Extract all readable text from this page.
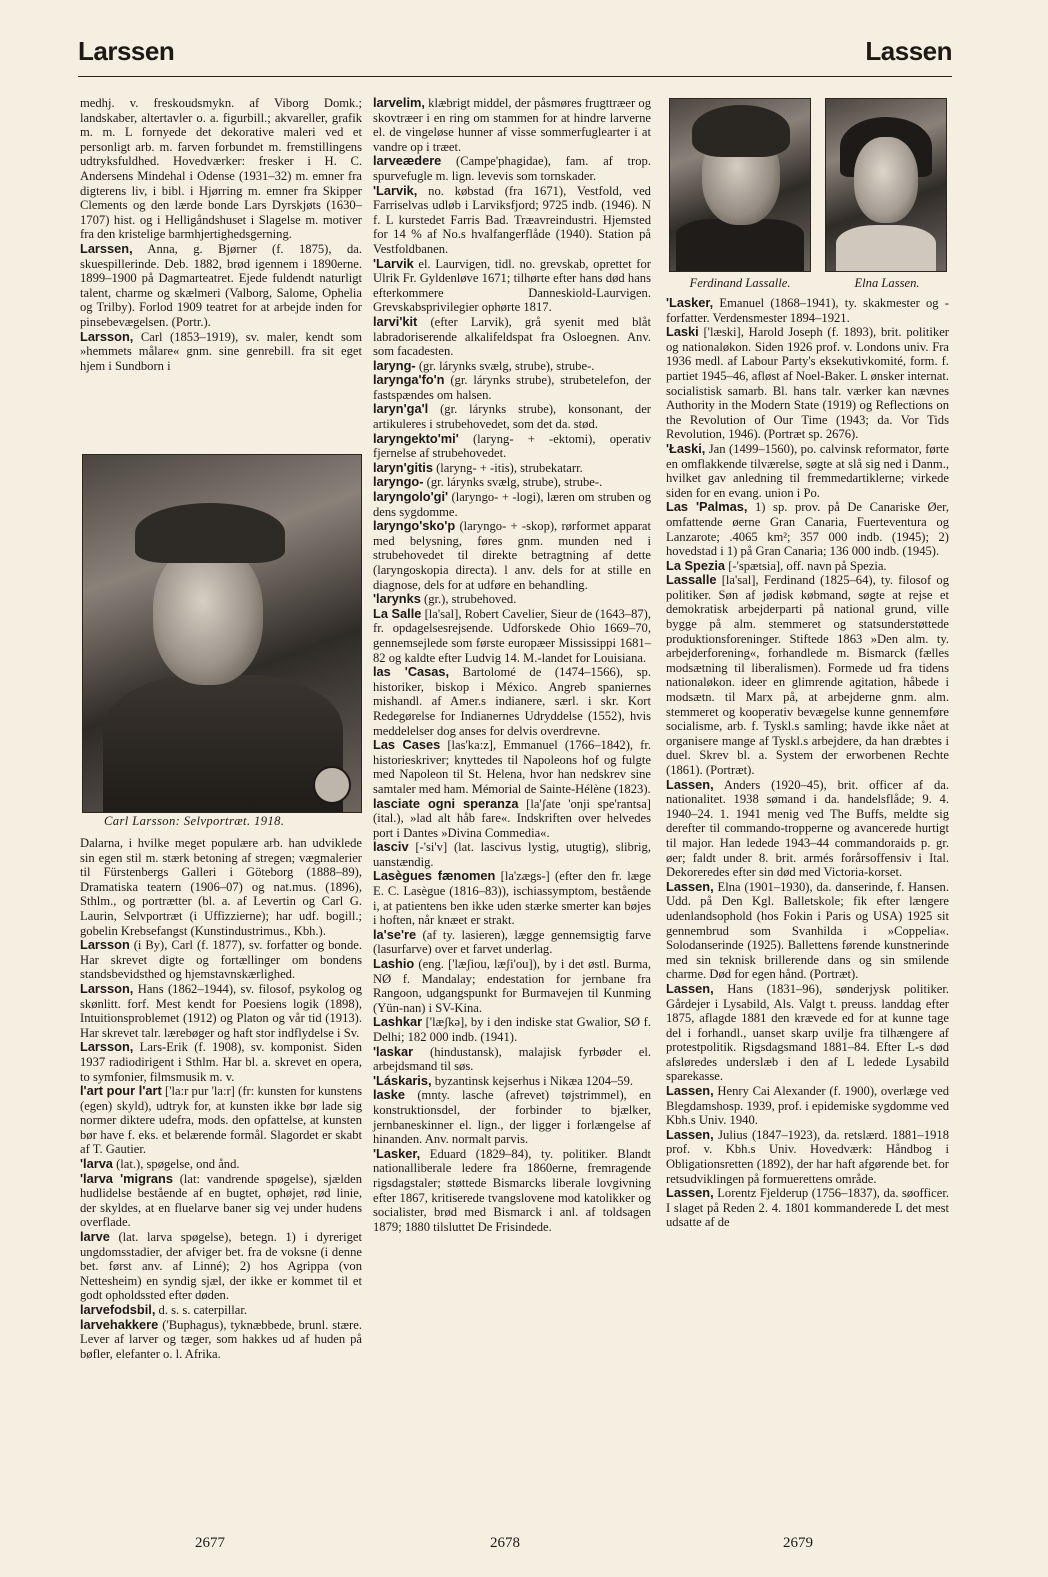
Larssen	Lassen

medhj. v. freskoudsmykn. af Viborg Domk.; landskaber, altertavler o. a. figurbill.; akvareller, grafik m. m. L fornyede det dekorative maleri ved et personligt arb. m. farven forbundet m. fremstillingens udtryksfuldhed. Hovedværker: fresker i H. C. Andersens Mindehal i Odense (1931–32) m. emner fra digterens liv, i bibl. i Hjørring m. emner fra Skipper Clements og den lærde bonde Lars Dyrskjøts (1630–1707) hist. og i Helligåndshuset i Slagelse m. motiver fra den kristelige barmhjertighedsgerning.

Larssen, Anna, g. Bjørner (f. 1875), da. skuespillerinde. Deb. 1882, brød igennem i 1890erne. 1899–1900 på Dagmarteatret. Ejede fuldendt naturligt talent, charme og skælmeri (Valborg, Salome, Ophelia og Trilby). Forlod 1909 teatret for at arbejde inden for pinsebevægelsen. (Portr.).

Larsson, Carl (1853–1919), sv. maler, kendt som »hemmets målare« gnm. sine genrebill. fra sit eget hjem i Sundborn i

Carl Larsson: Selvportræt. 1918.

Dalarna, i hvilke meget populære arb. han udviklede sin egen stil m. stærk betoning af stregen; vægmalerier til Fürstenbergs Galleri i Göteborg (1888–89), Dramatiska teatern (1906–07) og nat.mus. (1896), Sthlm., og portrætter (bl. a. af Levertin og Carl G. Laurin, Selvportræt (i Uffizzierne); har udf. bogill.; gobelin Krebsefangst (Kunstindustrimus., Kbh.).

Larsson (i By), Carl (f. 1877), sv. forfatter og bonde. Har skrevet digte og fortællinger om bondens standsbevidsthed og hjemstavnskærlighed.

Larsson, Hans (1862–1944), sv. filosof, psykolog og skønlitt. forf. Mest kendt for Poesiens logik (1898), Intuitionsproblemet (1912) og Platon og vår tid (1913). Har skrevet talr. lærebøger og haft stor indflydelse i Sv.

Larsson, Lars-Erik (f. 1908), sv. komponist. Siden 1937 radiodirigent i Sthlm. Har bl. a. skrevet en opera, to symfonier, filmsmusik m. v.

l'art pour l'art ['la:r pur 'la:r] (fr: kunsten for kunstens (egen) skyld), udtryk for, at kunsten ikke bør lade sig normer diktere udefra, mods. den opfattelse, at kunsten bør have f. eks. et belærende formål. Slagordet er skabt af T. Gautier.

'larva (lat.), spøgelse, ond ånd.

'larva 'migrans (lat: vandrende spøgelse), sjælden hudlidelse bestående af en bugtet, ophøjet, rød linie, der skyldes, at en fluelarve baner sig vej under hudens overflade.

larve (lat. larva spøgelse), betegn. 1) i dyreriget ungdomsstadier, der afviger bet. fra de voksne (i denne bet. først anv. af Linné); 2) hos Agrippa (von Nettesheim) en syndig sjæl, der ikke er kommet til et godt opholdssted efter døden.

larvefodsbil, d. s. s. caterpillar.

larvehakkere ('Buphagus), tyknæbbede, brunl. stære. Lever af larver og tæger, som hakkes ud af huden på bøfler, elefanter o. l. Afrika.

larvelim, klæbrigt middel, der påsmøres frugttræer og skovtræer i en ring om stammen for at hindre larverne el. de vingeløse hunner af visse sommerfuglearter i at vandre op i træet.

larveædere (Campe'phagidae), fam. af trop. spurvefugle m. lign. levevis som tornskader.

'Larvik, no. købstad (fra 1671), Vestfold, ved Farriselvas udløb i Larviksfjord; 9725 indb. (1946). N f. L kurstedet Farris Bad. Træavreindustri. Hjemsted for 14 % af No.s hvalfangerflåde (1940). Station på Vestfoldbanen.

'Larvik el. Laurvigen, tidl. no. grevskab, oprettet for Ulrik Fr. Gyldenløve 1671; tilhørte efter hans død hans efterkommere Danneskiold-Laurvigen. Grevskabsprivilegier ophørte 1817.

larvi'kit (efter Larvik), grå syenit med blåt labradoriserende alkalifeldspat fra Osloegnen. Anv. som facadesten.

laryng- (gr. lárynks svælg, strube), strube-.

larynga'fo'n (gr. lárynks strube), strubetelefon, der fastspændes om halsen.

laryn'ga'l (gr. lárynks strube), konsonant, der artikuleres i strubehovedet, som det da. stød.

laryngekto'mi' (laryng- + -ektomi), operativ fjernelse af strubehovedet.

laryn'gitis (laryng- + -itis), strubekatarr.

laryngo- (gr. lárynks svælg, strube), strube-.

laryngolo'gi' (laryngo- + -logi), læren om struben og dens sygdomme.

laryngo'sko'p (laryngo- + -skop), rørformet apparat med belysning, føres gnm. munden ned i strubehovedet til direkte betragtning af dette (laryngoskopia directa). l anv. dels for at stille en diagnose, dels for at udføre en behandling.

'larynks (gr.), strubehoved.

La Salle [la'sal], Robert Cavelier, Sieur de (1643–87), fr. opdagelsesrejsende. Udforskede Ohio 1669–70, gennemsejlede som første europæer Mississippi 1681–82 og kaldte efter Ludvig 14. M.-landet for Louisiana.

las 'Casas, Bartolomé de (1474–1566), sp. historiker, biskop i México. Angreb spaniernes mishandl. af Amer.s indianere, særl. i skr. Kort Redegørelse for Indianernes Udryddelse (1552), hvis meddelelser dog anses for delvis overdrevne.

Las Cases [las'ka:z], Emmanuel (1766–1842), fr. historieskriver; knyttedes til Napoleons hof og fulgte med Napoleon til St. Helena, hvor han nedskrev sine samtaler med ham. Mémorial de Sainte-Hélène (1823).

lasciate ogni speranza [la'ʃate 'onji spe'rantsa] (ital.), »lad alt håb fare«. Indskriften over helvedes port i Dantes »Divina Commedia«.

lasciv [-'si'v] (lat. lascivus lystig, utugtig), slibrig, uanstændig.

Lasègues fænomen [la'zægs-] (efter den fr. læge E. C. Lasègue (1816–83)), ischiassymptom, bestående i, at patientens ben ikke uden stærke smerter kan bøjes i hoften, når knæet er strakt.

la'se're (af ty. lasieren), lægge gennemsigtig farve (lasurfarve) over et farvet underlag.

Lashio (eng. ['læʃiou, læʃi'ou]), by i det østl. Burma, NØ f. Mandalay; endestation for jernbane fra Rangoon, udgangspunkt for Burmavejen til Kunming (Yün-nan) i SV-Kina.

Lashkar ['læʃkə], by i den indiske stat Gwalior, SØ f. Delhi; 182 000 indb. (1941).

'laskar (hindustansk), malajisk fyrbøder el. arbejdsmand til søs.

'Láskaris, byzantinsk kejserhus i Nikæa 1204–59.

laske (mnty. lasche (afrevet) tøjstrimmel), en konstruktionsdel, der forbinder to bjælker, jernbaneskinner el. lign., der ligger i forlængelse af hinanden. Anv. normalt parvis.

'Lasker, Eduard (1829–84), ty. politiker. Blandt nationalliberale ledere fra 1860erne, fremragende rigsdagstaler; støttede Bismarcks liberale lovgivning efter 1867, kritiserede tvangslovene mod katolikker og socialister, brød med Bismarck i anl. af toldsagen 1879; 1880 tilsluttet De Frisindede.

Ferdinand Lassalle.	Elna Lassen.

'Lasker, Emanuel (1868–1941), ty. skakmester og -forfatter. Verdensmester 1894–1921.

Laski ['læski], Harold Joseph (f. 1893), brit. politiker og nationaløkon. Siden 1926 prof. v. Londons univ. Fra 1936 medl. af Labour Party's eksekutivkomité, form. f. partiet 1945–46, afløst af Noel-Baker. L ønsker internat. socialistisk samarb. Bl. hans talr. værker kan nævnes Authority in the Modern State (1919) og Reflections on the Revolution of Our Time (1943; da. Vor Tids Revolution, 1946). (Portræt sp. 2676).

'Łaski, Jan (1499–1560), po. calvinsk reformator, førte en omflakkende tilværelse, søgte at slå sig ned i Danm., hvilket gav anledning til fremmedartiklerne; virkede siden for en evang. union i Po.

Las 'Palmas, 1) sp. prov. på De Canariske Øer, omfattende øerne Gran Canaria, Fuerteventura og Lanzarote; .4065 km²; 357 000 indb. (1945); 2) hovedstad i 1) på Gran Canaria; 136 000 indb. (1945).

La Spezia [-'spætsia], off. navn på Spezia.

Lassalle [la'sal], Ferdinand (1825–64), ty. filosof og politiker. Søn af jødisk købmand, søgte at rejse et demokratisk arbejderparti på national grund, ville bygge på alm. stemmeret og statsunderstøttede produktionsforeninger. Stiftede 1863 »Den alm. ty. arbejderforening«, forhandlede m. Bismarck (fælles modsætning til liberalismen). Formede ud fra tidens nationaløkon. ideer en glimrende agitation, håbede i modsætn. til Marx på, at arbejderne gnm. alm. stemmeret og kooperativ bevægelse kunne gennemføre socialisme, arb. f. Tyskl.s samling; havde ikke nået at organisere mange af Tyskl.s arbejdere, da han dræbtes i duel. Skrev bl. a. System der erworbenen Rechte (1861). (Portræt).

Lassen, Anders (1920–45), brit. officer af da. nationalitet. 1938 sømand i da. handelsflåde; 9. 4. 1940–24. 1. 1941 menig ved The Buffs, meldte sig derefter til commando-tropperne og avancerede hurtigt til major. Han ledede 1943–44 commandoraids p. gr. øer; faldt under 8. brit. armés forårsoffensiv i Ital. Dekoreredes efter sin død med Victoria-korset.

Lassen, Elna (1901–1930), da. danserinde, f. Hansen. Udd. på Den Kgl. Balletskole; fik efter længere udenlandsophold (hos Fokin i Paris og USA) 1925 sit gennembrud som Svanhilda i »Coppelia«. Solodanserinde (1925). Ballettens førende kunstnerinde med sin teknisk brillerende dans og sin smilende charme. Død for egen hånd. (Portræt).

Lassen, Hans (1831–96), sønderjysk politiker. Gårdejer i Lysabild, Als. Valgt t. preuss. landdag efter 1875, aflagde 1881 den krævede ed for at kunne tage del i forhandl., uanset skarp uvilje fra tilhængere af protestpolitik. Rigsdagsmand 1881–84. Efter L-s død afsløredes underslæb i den af L ledede Lysabild sparekasse.

Lassen, Henry Cai Alexander (f. 1900), overlæge ved Blegdamshosp. 1939, prof. i epidemiske sygdomme ved Kbh.s Univ. 1940.

Lassen, Julius (1847–1923), da. retslærd. 1881–1918 prof. v. Kbh.s Univ. Hovedværk: Håndbog i Obligationsretten (1892), der har haft afgørende bet. for retsudviklingen på formuerettens område.

Lassen, Lorentz Fjelderup (1756–1837), da. søofficer. I slaget på Reden 2. 4. 1801 kommanderede L det mest udsatte af de

2677	2678	2679
